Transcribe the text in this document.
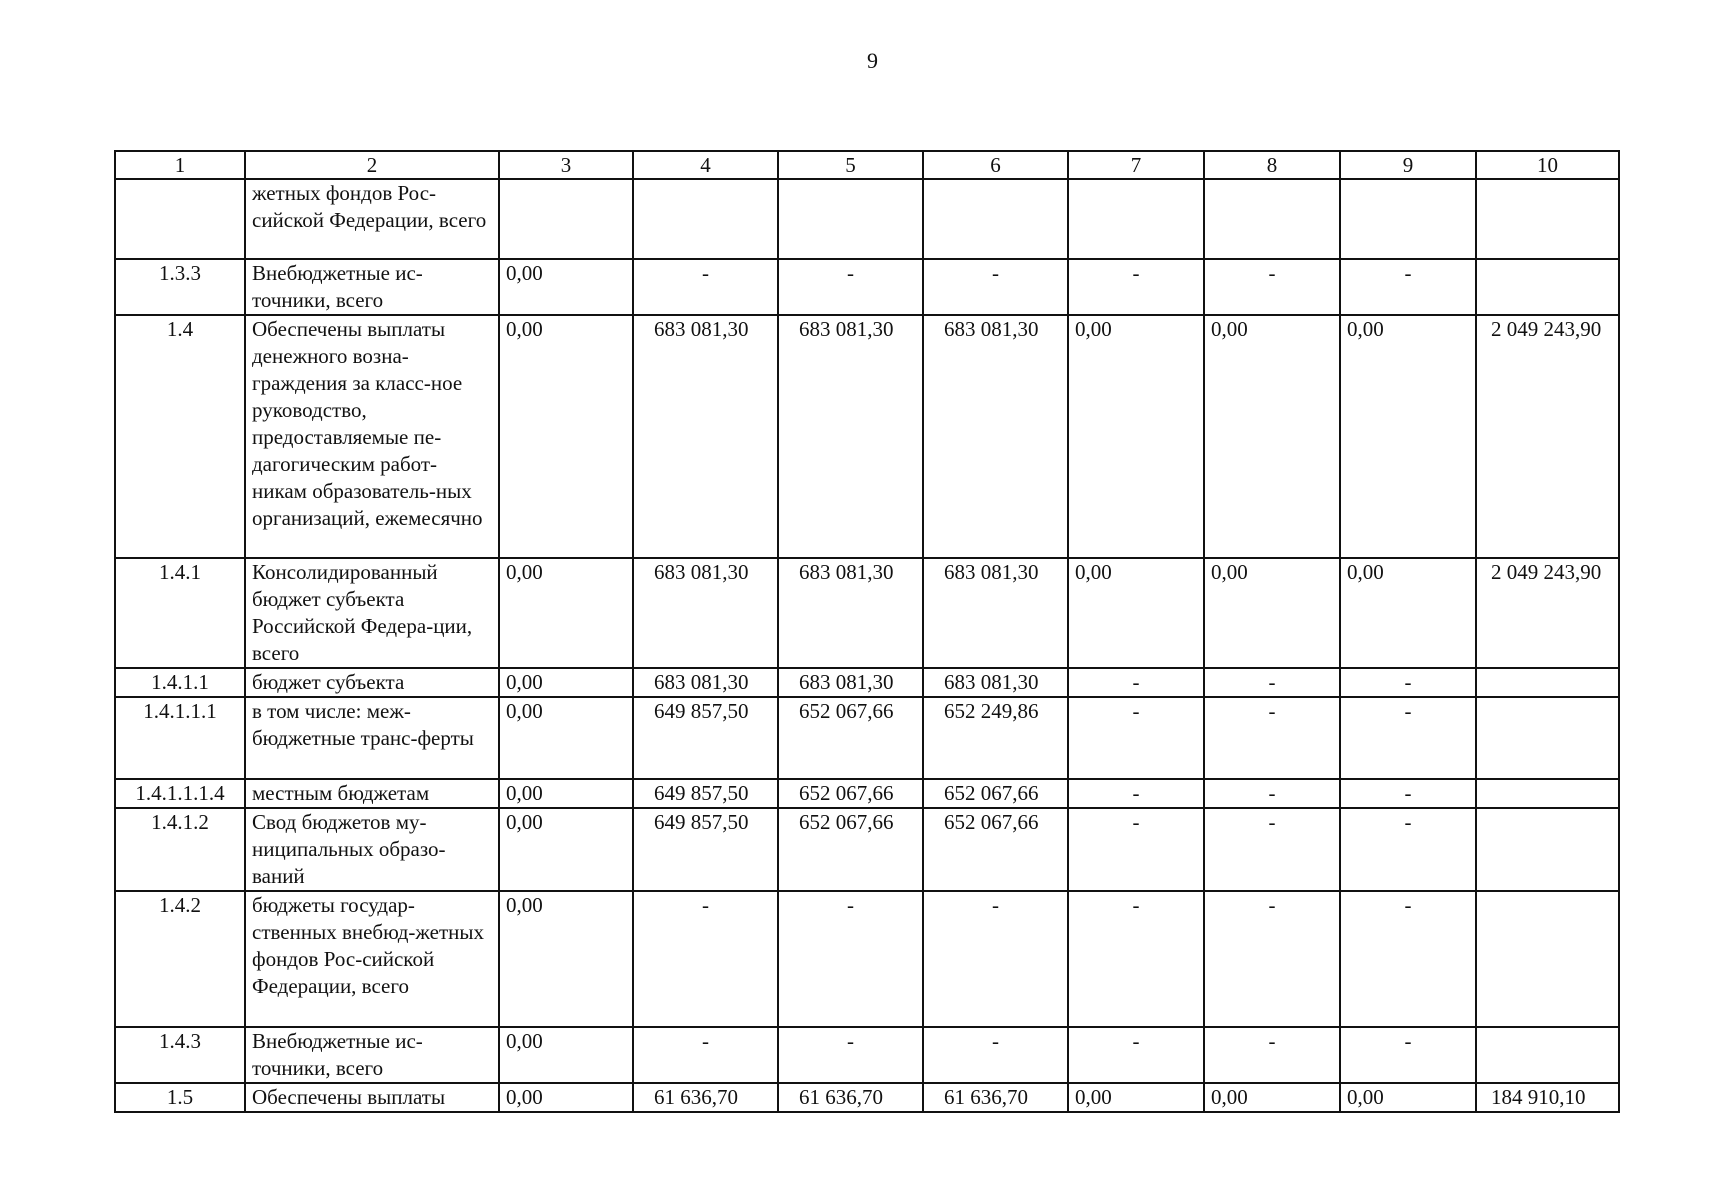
9
1	2	3	4	5	6	7	8	9	10
	жетных фондов Рос-сийской Федерации, всего								
1.3.3	Внебюджетные ис-точники, всего	0,00	-	-	-	-	-	-	
1.4	Обеспечены выплаты денежного возна-граждения за класс-ное руководство, предоставляемые пе-дагогическим работ-никам образователь-ных организаций, ежемесячно	0,00	683 081,30	683 081,30	683 081,30	0,00	0,00	0,00	2 049 243,90
1.4.1	Консолидированный бюджет субъекта Российской Федера-ции, всего	0,00	683 081,30	683 081,30	683 081,30	0,00	0,00	0,00	2 049 243,90
1.4.1.1	бюджет субъекта	0,00	683 081,30	683 081,30	683 081,30	-	-	-	
1.4.1.1.1	в том числе: меж-бюджетные транс-ферты	0,00	649 857,50	652 067,66	652 249,86	-	-	-	
1.4.1.1.1.4	местным бюджетам	0,00	649 857,50	652 067,66	652 067,66	-	-	-	
1.4.1.2	Свод бюджетов му-ниципальных образо-ваний	0,00	649 857,50	652 067,66	652 067,66	-	-	-	
1.4.2	бюджеты государ-ственных внебюд-жетных фондов Рос-сийской Федерации, всего	0,00	-	-	-	-	-	-	
1.4.3	Внебюджетные ис-точники, всего	0,00	-	-	-	-	-	-	
1.5	Обеспечены выплаты	0,00	61 636,70	61 636,70	61 636,70	0,00	0,00	0,00	184 910,10
